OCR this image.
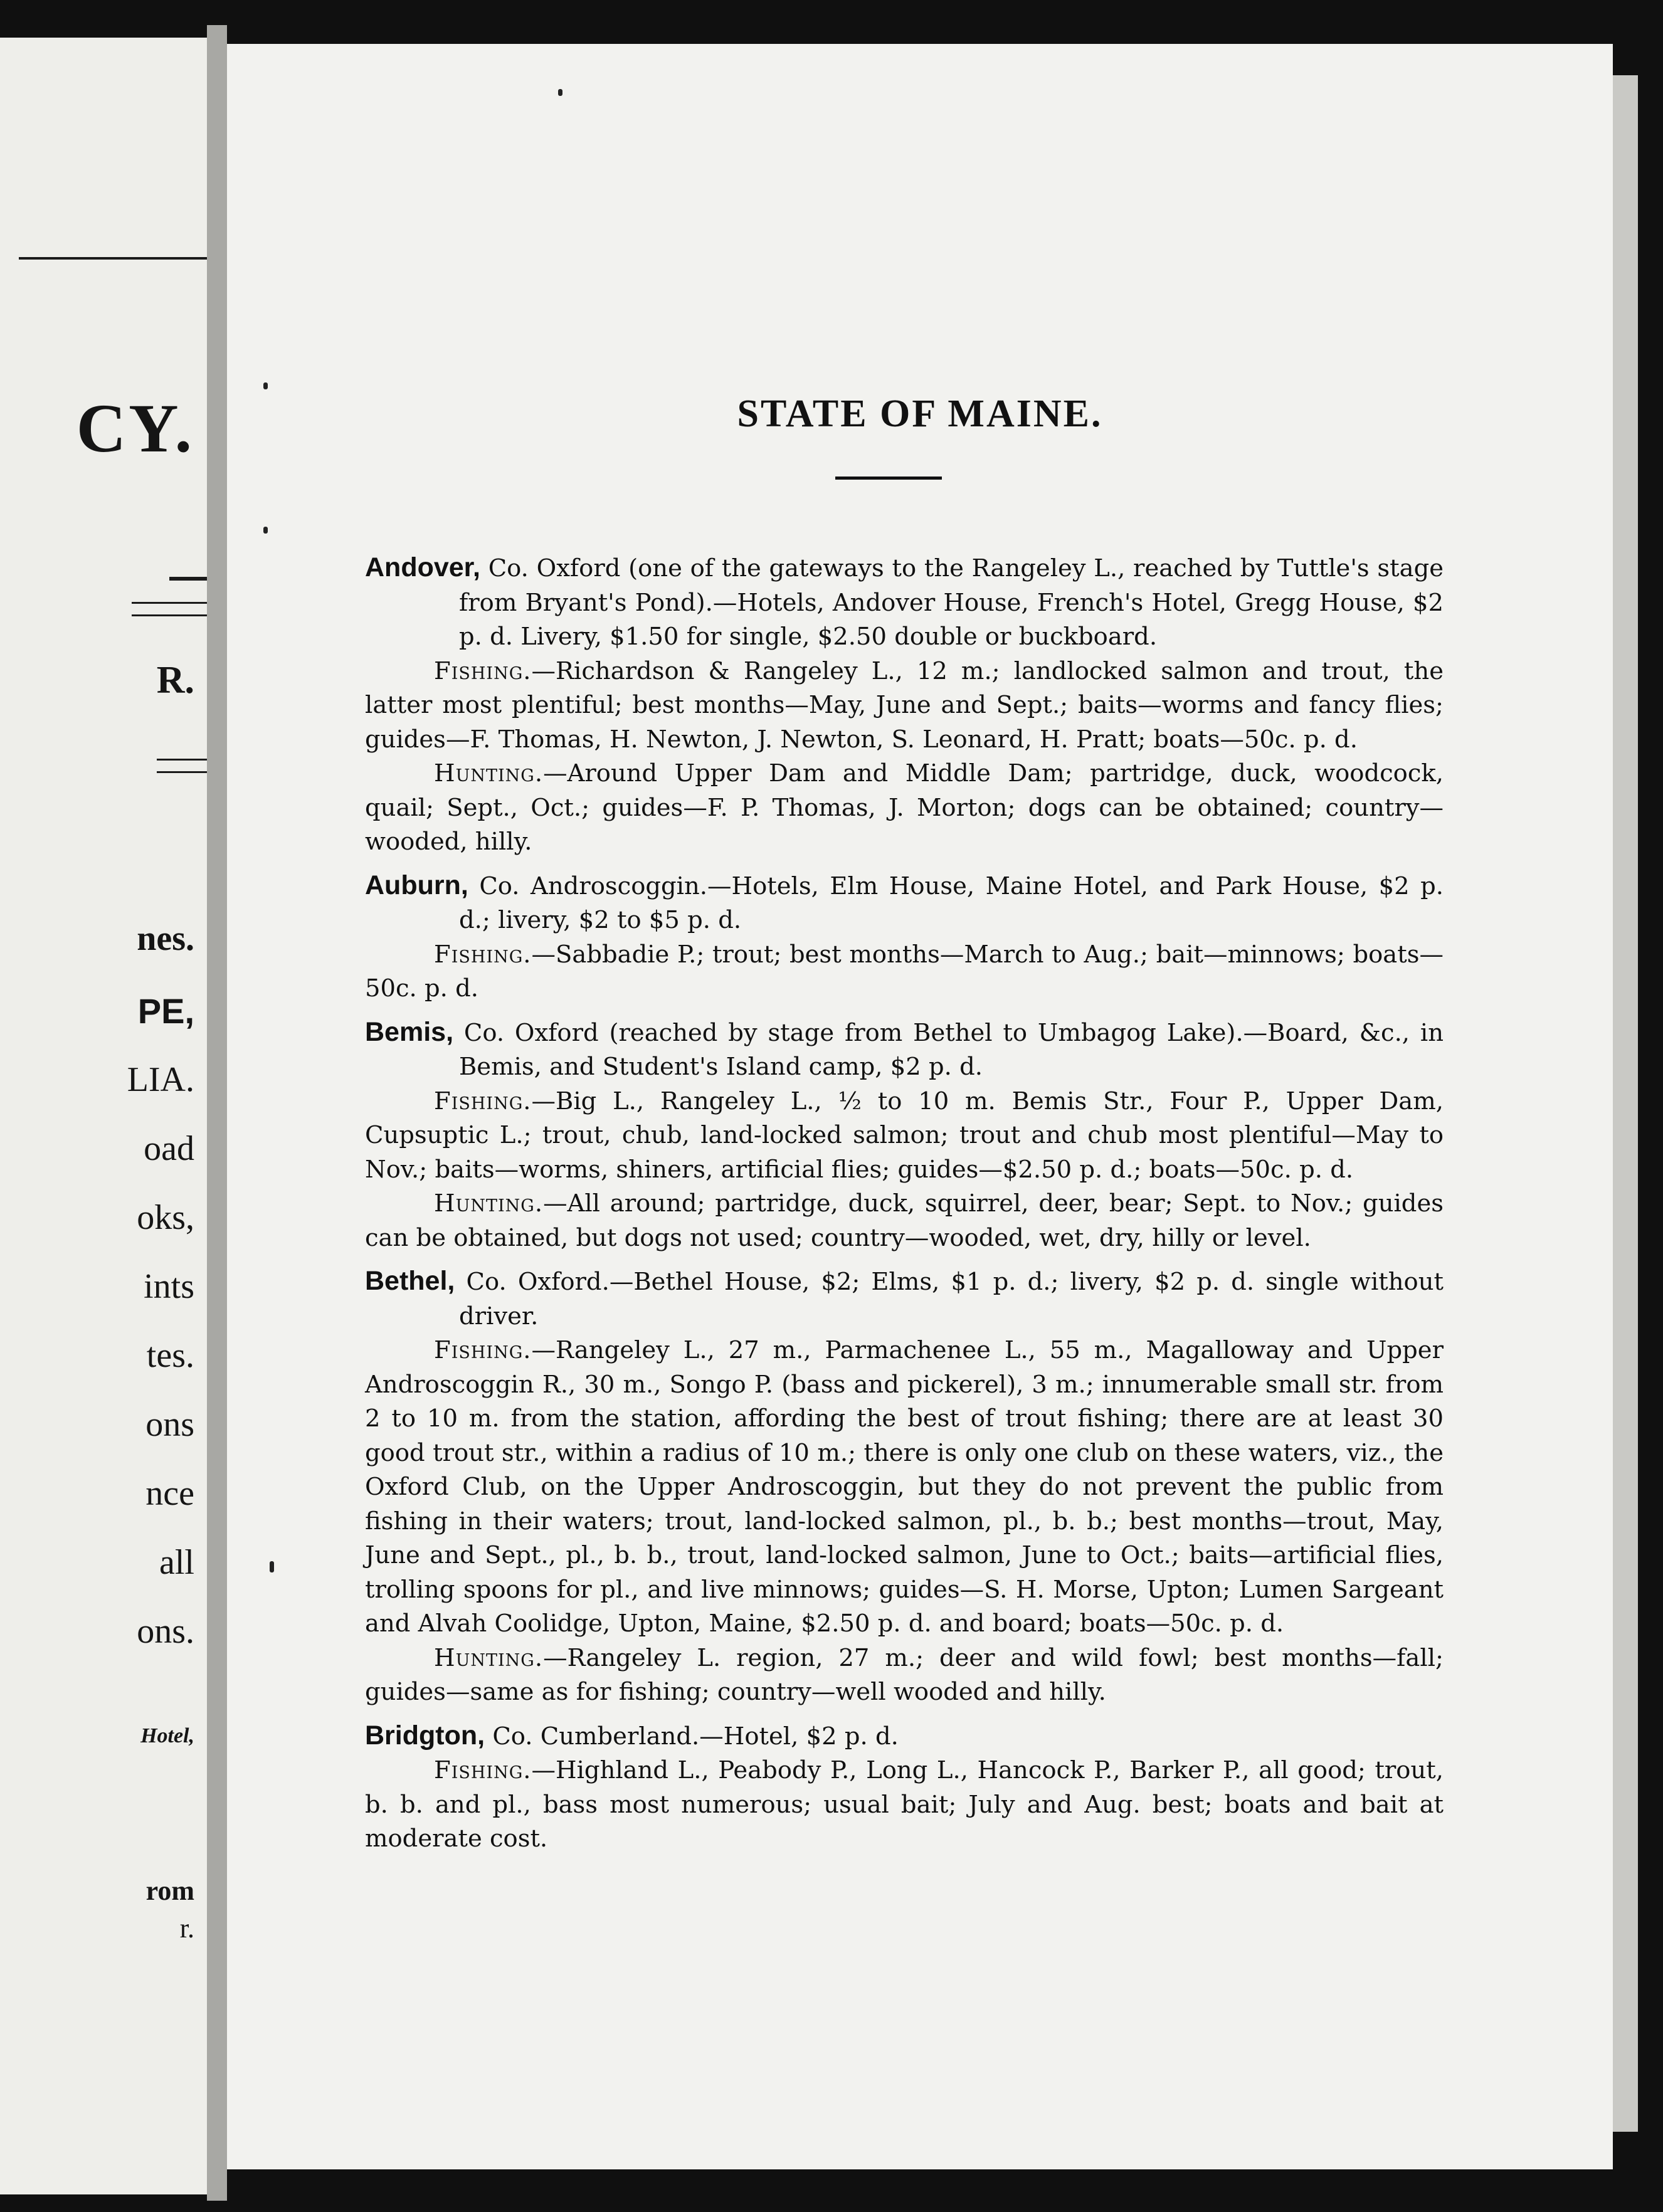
CY.
R.
nes.
PE,
LIA.
oad
oks,
ints
tes.
ons
nce
all
ons.
Hotel,
rom
r.
STATE OF MAINE.

Andover, Co. Oxford (one of the gateways to the Rangeley L., reached by Tuttle's stage from Bryant's Pond).—Hotels, Andover House, French's Hotel, Gregg House, $2 p. d. Livery, $1.50 for single, $2.50 double or buckboard.

Fishing.—Richardson & Rangeley L., 12 m.; landlocked salmon and trout, the latter most plentiful; best months—May, June and Sept.; baits—worms and fancy flies; guides—F. Thomas, H. Newton, J. Newton, S. Leonard, H. Pratt; boats—50c. p. d.

Hunting.—Around Upper Dam and Middle Dam; partridge, duck, woodcock, quail; Sept., Oct.; guides—F. P. Thomas, J. Morton; dogs can be obtained; country—wooded, hilly.

Auburn, Co. Androscoggin.—Hotels, Elm House, Maine Hotel, and Park House, $2 p. d.; livery, $2 to $5 p. d.

Fishing.—Sabbadie P.; trout; best months—March to Aug.; bait—minnows; boats—50c. p. d.

Bemis, Co. Oxford (reached by stage from Bethel to Umbagog Lake).—Board, &c., in Bemis, and Student's Island camp, $2 p. d.

Fishing.—Big L., Rangeley L., ½ to 10 m. Bemis Str., Four P., Upper Dam, Cupsuptic L.; trout, chub, land-locked salmon; trout and chub most plentiful—May to Nov.; baits—worms, shiners, artificial flies; guides—$2.50 p. d.; boats—50c. p. d.

Hunting.—All around; partridge, duck, squirrel, deer, bear; Sept. to Nov.; guides can be obtained, but dogs not used; country—wooded, wet, dry, hilly or level.

Bethel, Co. Oxford.—Bethel House, $2; Elms, $1 p. d.; livery, $2 p. d. single without driver.

Fishing.—Rangeley L., 27 m., Parmachenee L., 55 m., Magalloway and Upper Androscoggin R., 30 m., Songo P. (bass and pickerel), 3 m.; innumerable small str. from 2 to 10 m. from the station, affording the best of trout fishing; there are at least 30 good trout str., within a radius of 10 m.; there is only one club on these waters, viz., the Oxford Club, on the Upper Androscoggin, but they do not prevent the public from fishing in their waters; trout, land-locked salmon, pl., b. b.; best months—trout, May, June and Sept., pl., b. b., trout, land-locked salmon, June to Oct.; baits—artificial flies, trolling spoons for pl., and live minnows; guides—S. H. Morse, Upton; Lumen Sargeant and Alvah Coolidge, Upton, Maine, $2.50 p. d. and board; boats—50c. p. d.

Hunting.—Rangeley L. region, 27 m.; deer and wild fowl; best months—fall; guides—same as for fishing; country—well wooded and hilly.

Bridgton, Co. Cumberland.—Hotel, $2 p. d.

Fishing.—Highland L., Peabody P., Long L., Hancock P., Barker P., all good; trout, b. b. and pl., bass most numerous; usual bait; July and Aug. best; boats and bait at moderate cost.
